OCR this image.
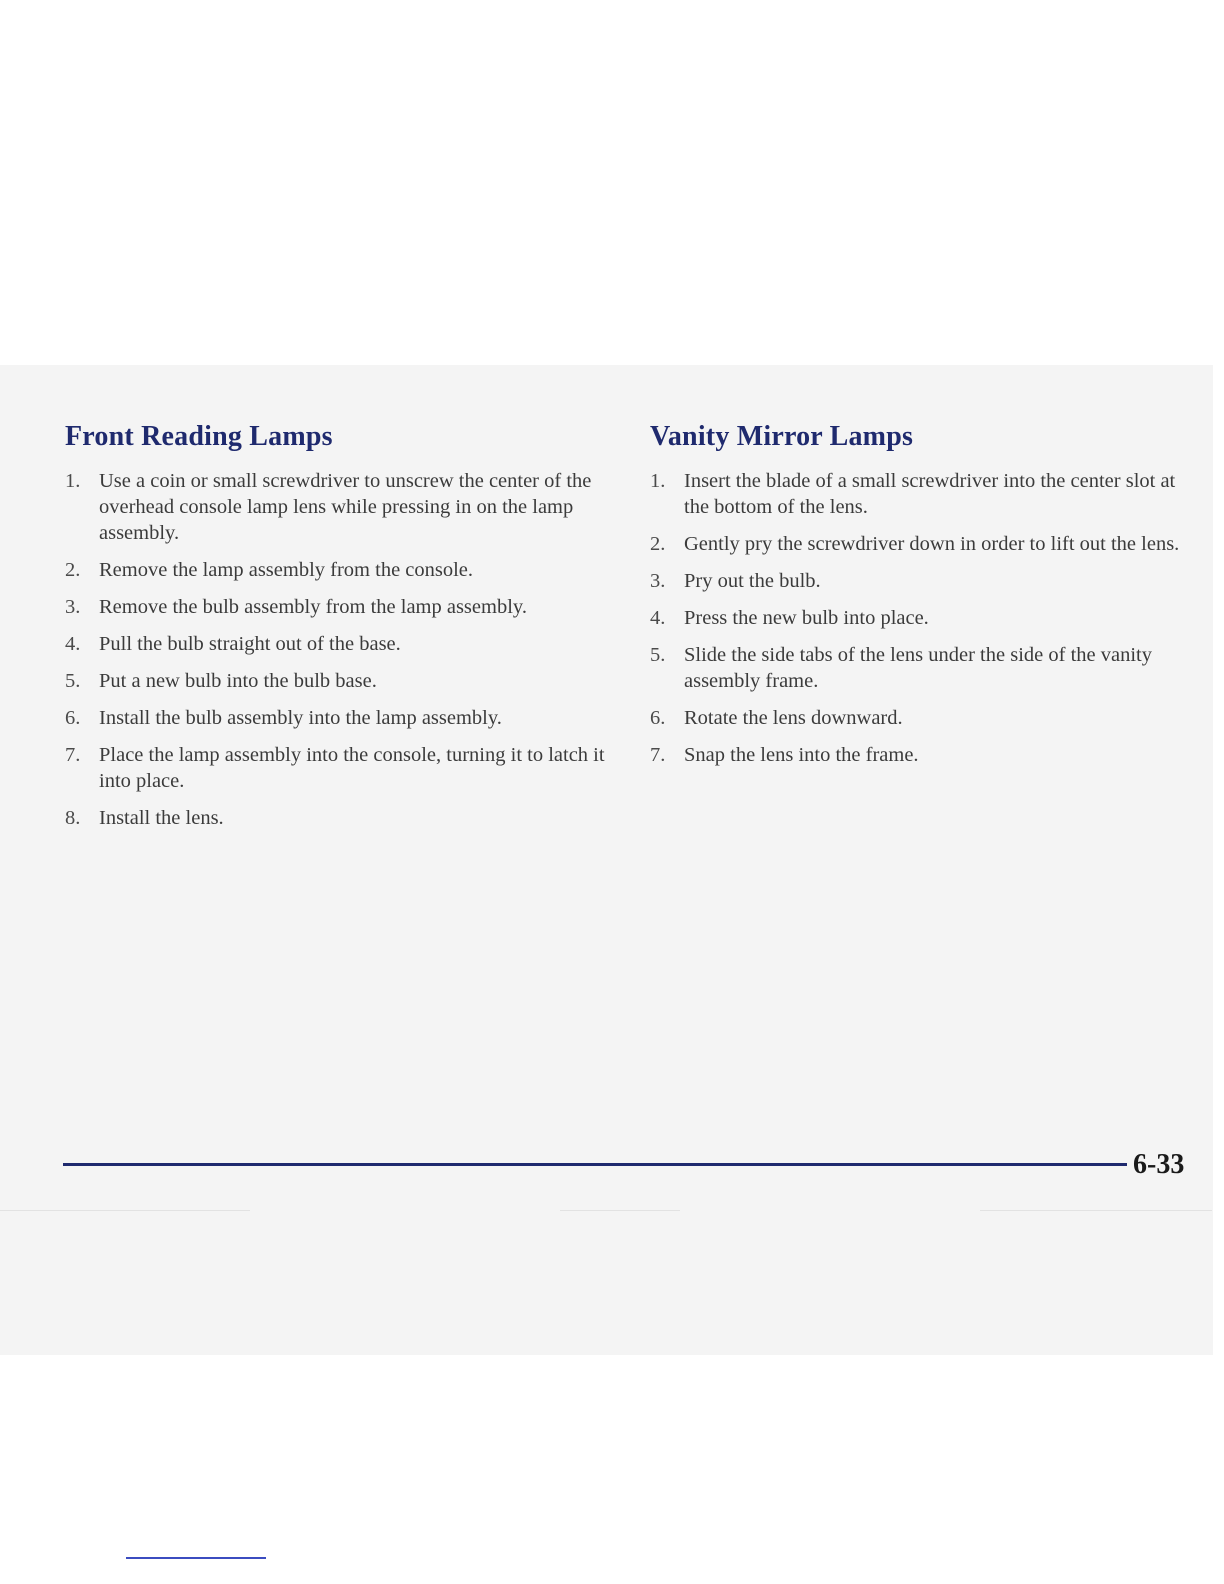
Front Reading Lamps
1. Use a coin or small screwdriver to unscrew the center of the overhead console lamp lens while pressing in on the lamp assembly.
2. Remove the lamp assembly from the console.
3. Remove the bulb assembly from the lamp assembly.
4. Pull the bulb straight out of the base.
5. Put a new bulb into the bulb base.
6. Install the bulb assembly into the lamp assembly.
7. Place the lamp assembly into the console, turning it to latch it into place.
8. Install the lens.
Vanity Mirror Lamps
1. Insert the blade of a small screwdriver into the center slot at the bottom of the lens.
2. Gently pry the screwdriver down in order to lift out the lens.
3. Pry out the bulb.
4. Press the new bulb into place.
5. Slide the side tabs of the lens under the side of the vanity assembly frame.
6. Rotate the lens downward.
7. Snap the lens into the frame.
6-33
